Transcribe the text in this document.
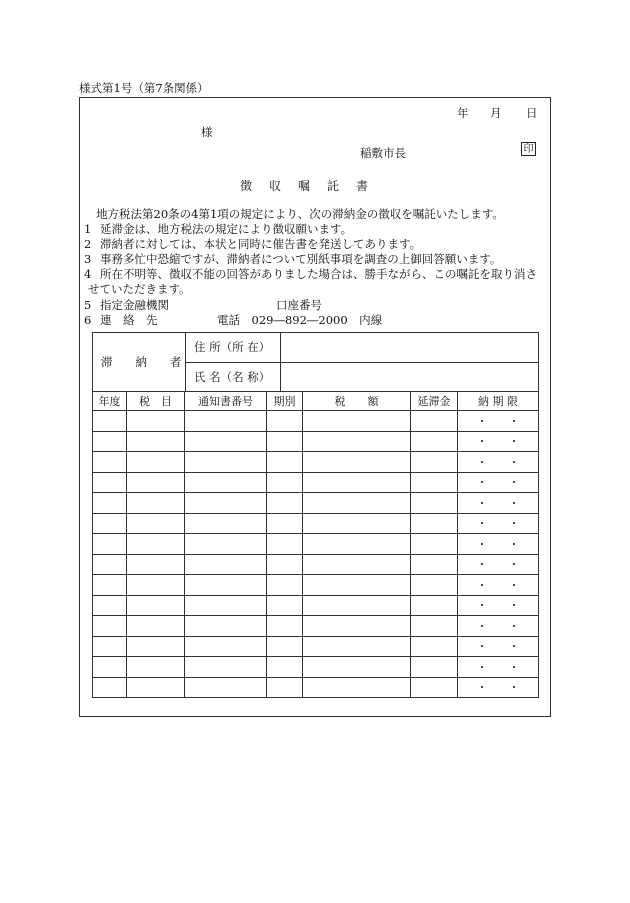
様式第1号（第7条関係）
年 月 日
様
稲敷市長	印
徴収嘱託書
地方税法第20条の4第1項の規定により、次の滞納金の徴収を嘱託いたします。
1 延滞金は、地方税法の規定により徴収願います。
2 滞納者に対しては、本状と同時に催告書を発送してあります。
3 事務多忙中恐縮ですが、滞納者について別紙事項を調査の上御回答願います。
4 所在不明等、徴収不能の回答がありました場合は、勝手ながら、この嘱託を取り消さ
せていただきます。
5 指定金融機関	口座番号
6 連　絡　先	電話　029―892―2000　内線
滞　　納　　者	住 所（所 在）	
	氏 名（名 称）	
年度	税　目	通知書番号	期別	税　　額	延滞金	納 期 限
						・ ・
						・ ・
						・ ・
						・ ・
						・ ・
						・ ・
						・ ・
						・ ・
						・ ・
						・ ・
						・ ・
						・ ・
						・ ・
						・ ・
